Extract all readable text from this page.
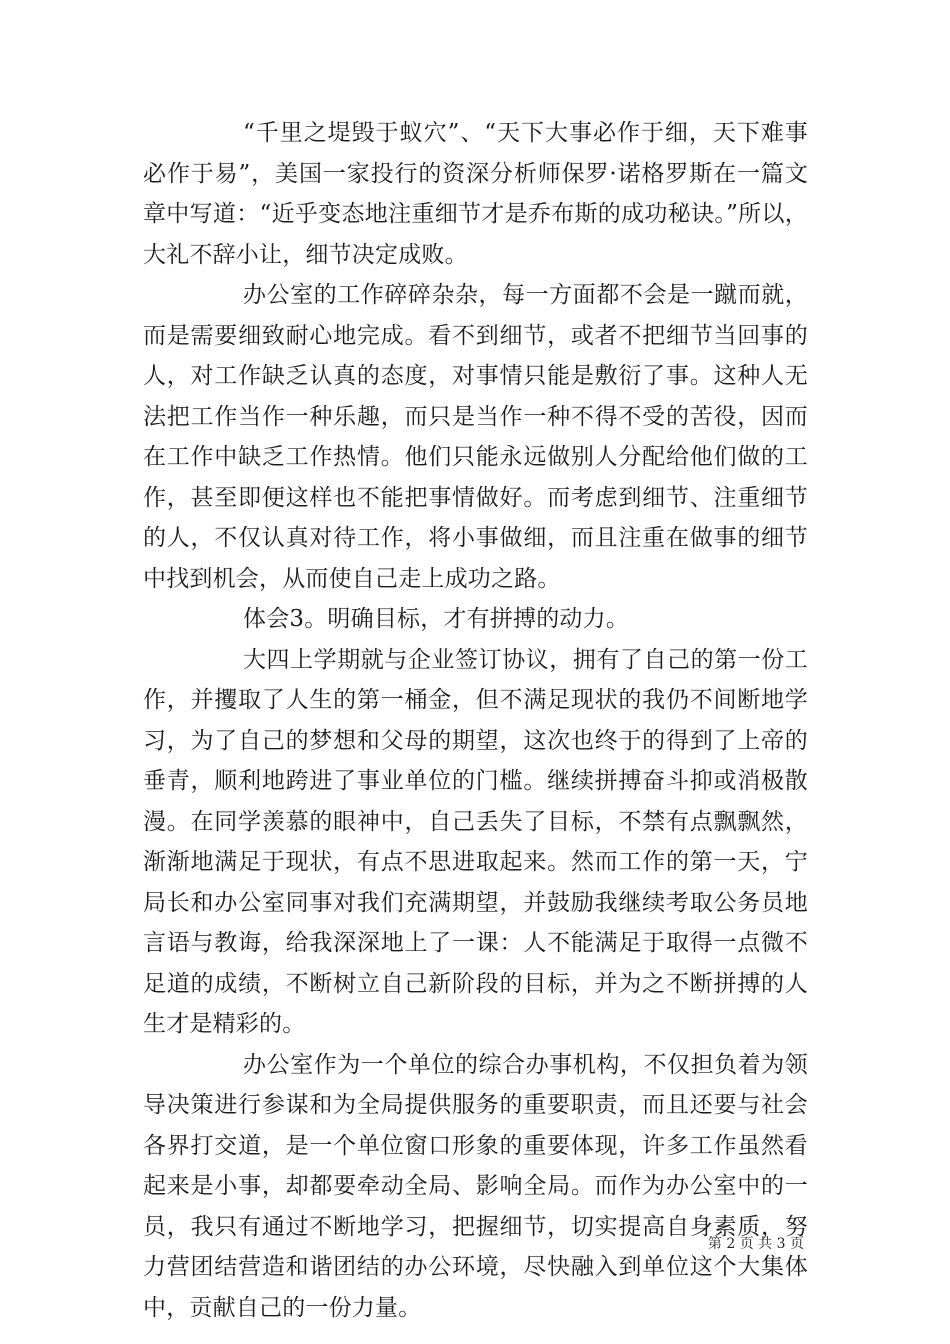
“千里之堤毁于蚁穴”、“天下大事必作于细，天下难事必作于易”，美国一家投行的资深分析师保罗·诺格罗斯在一篇文章中写道：“近乎变态地注重细节才是乔布斯的成功秘诀。”所以，大礼不辞小让，细节决定成败。

办公室的工作碎碎杂杂，每一方面都不会是一蹴而就，而是需要细致耐心地完成。看不到细节，或者不把细节当回事的人，对工作缺乏认真的态度，对事情只能是敷衍了事。这种人无法把工作当作一种乐趣，而只是当作一种不得不受的苦役，因而在工作中缺乏工作热情。他们只能永远做别人分配给他们做的工作，甚至即便这样也不能把事情做好。而考虑到细节、注重细节的人，不仅认真对待工作，将小事做细，而且注重在做事的细节中找到机会，从而使自己走上成功之路。

体会3。明确目标，才有拼搏的动力。

大四上学期就与企业签订协议，拥有了自己的第一份工作，并攫取了人生的第一桶金，但不满足现状的我仍不间断地学习，为了自己的梦想和父母的期望，这次也终于的得到了上帝的垂青，顺利地跨进了事业单位的门槛。继续拼搏奋斗抑或消极散漫。在同学羡慕的眼神中，自己丢失了目标，不禁有点飘飘然，渐渐地满足于现状，有点不思进取起来。然而工作的第一天，宁局长和办公室同事对我们充满期望，并鼓励我继续考取公务员地言语与教诲，给我深深地上了一课：人不能满足于取得一点微不足道的成绩，不断树立自己新阶段的目标，并为之不断拼搏的人生才是精彩的。

办公室作为一个单位的综合办事机构，不仅担负着为领导决策进行参谋和为全局提供服务的重要职责，而且还要与社会各界打交道，是一个单位窗口形象的重要体现，许多工作虽然看起来是小事，却都要牵动全局、影响全局。而作为办公室中的一员，我只有通过不断地学习，把握细节，切实提高自身素质，努力营团结营造和谐团结的办公环境，尽快融入到单位这个大集体中，贡献自己的一份力量。

第 2 页 共 3 页
